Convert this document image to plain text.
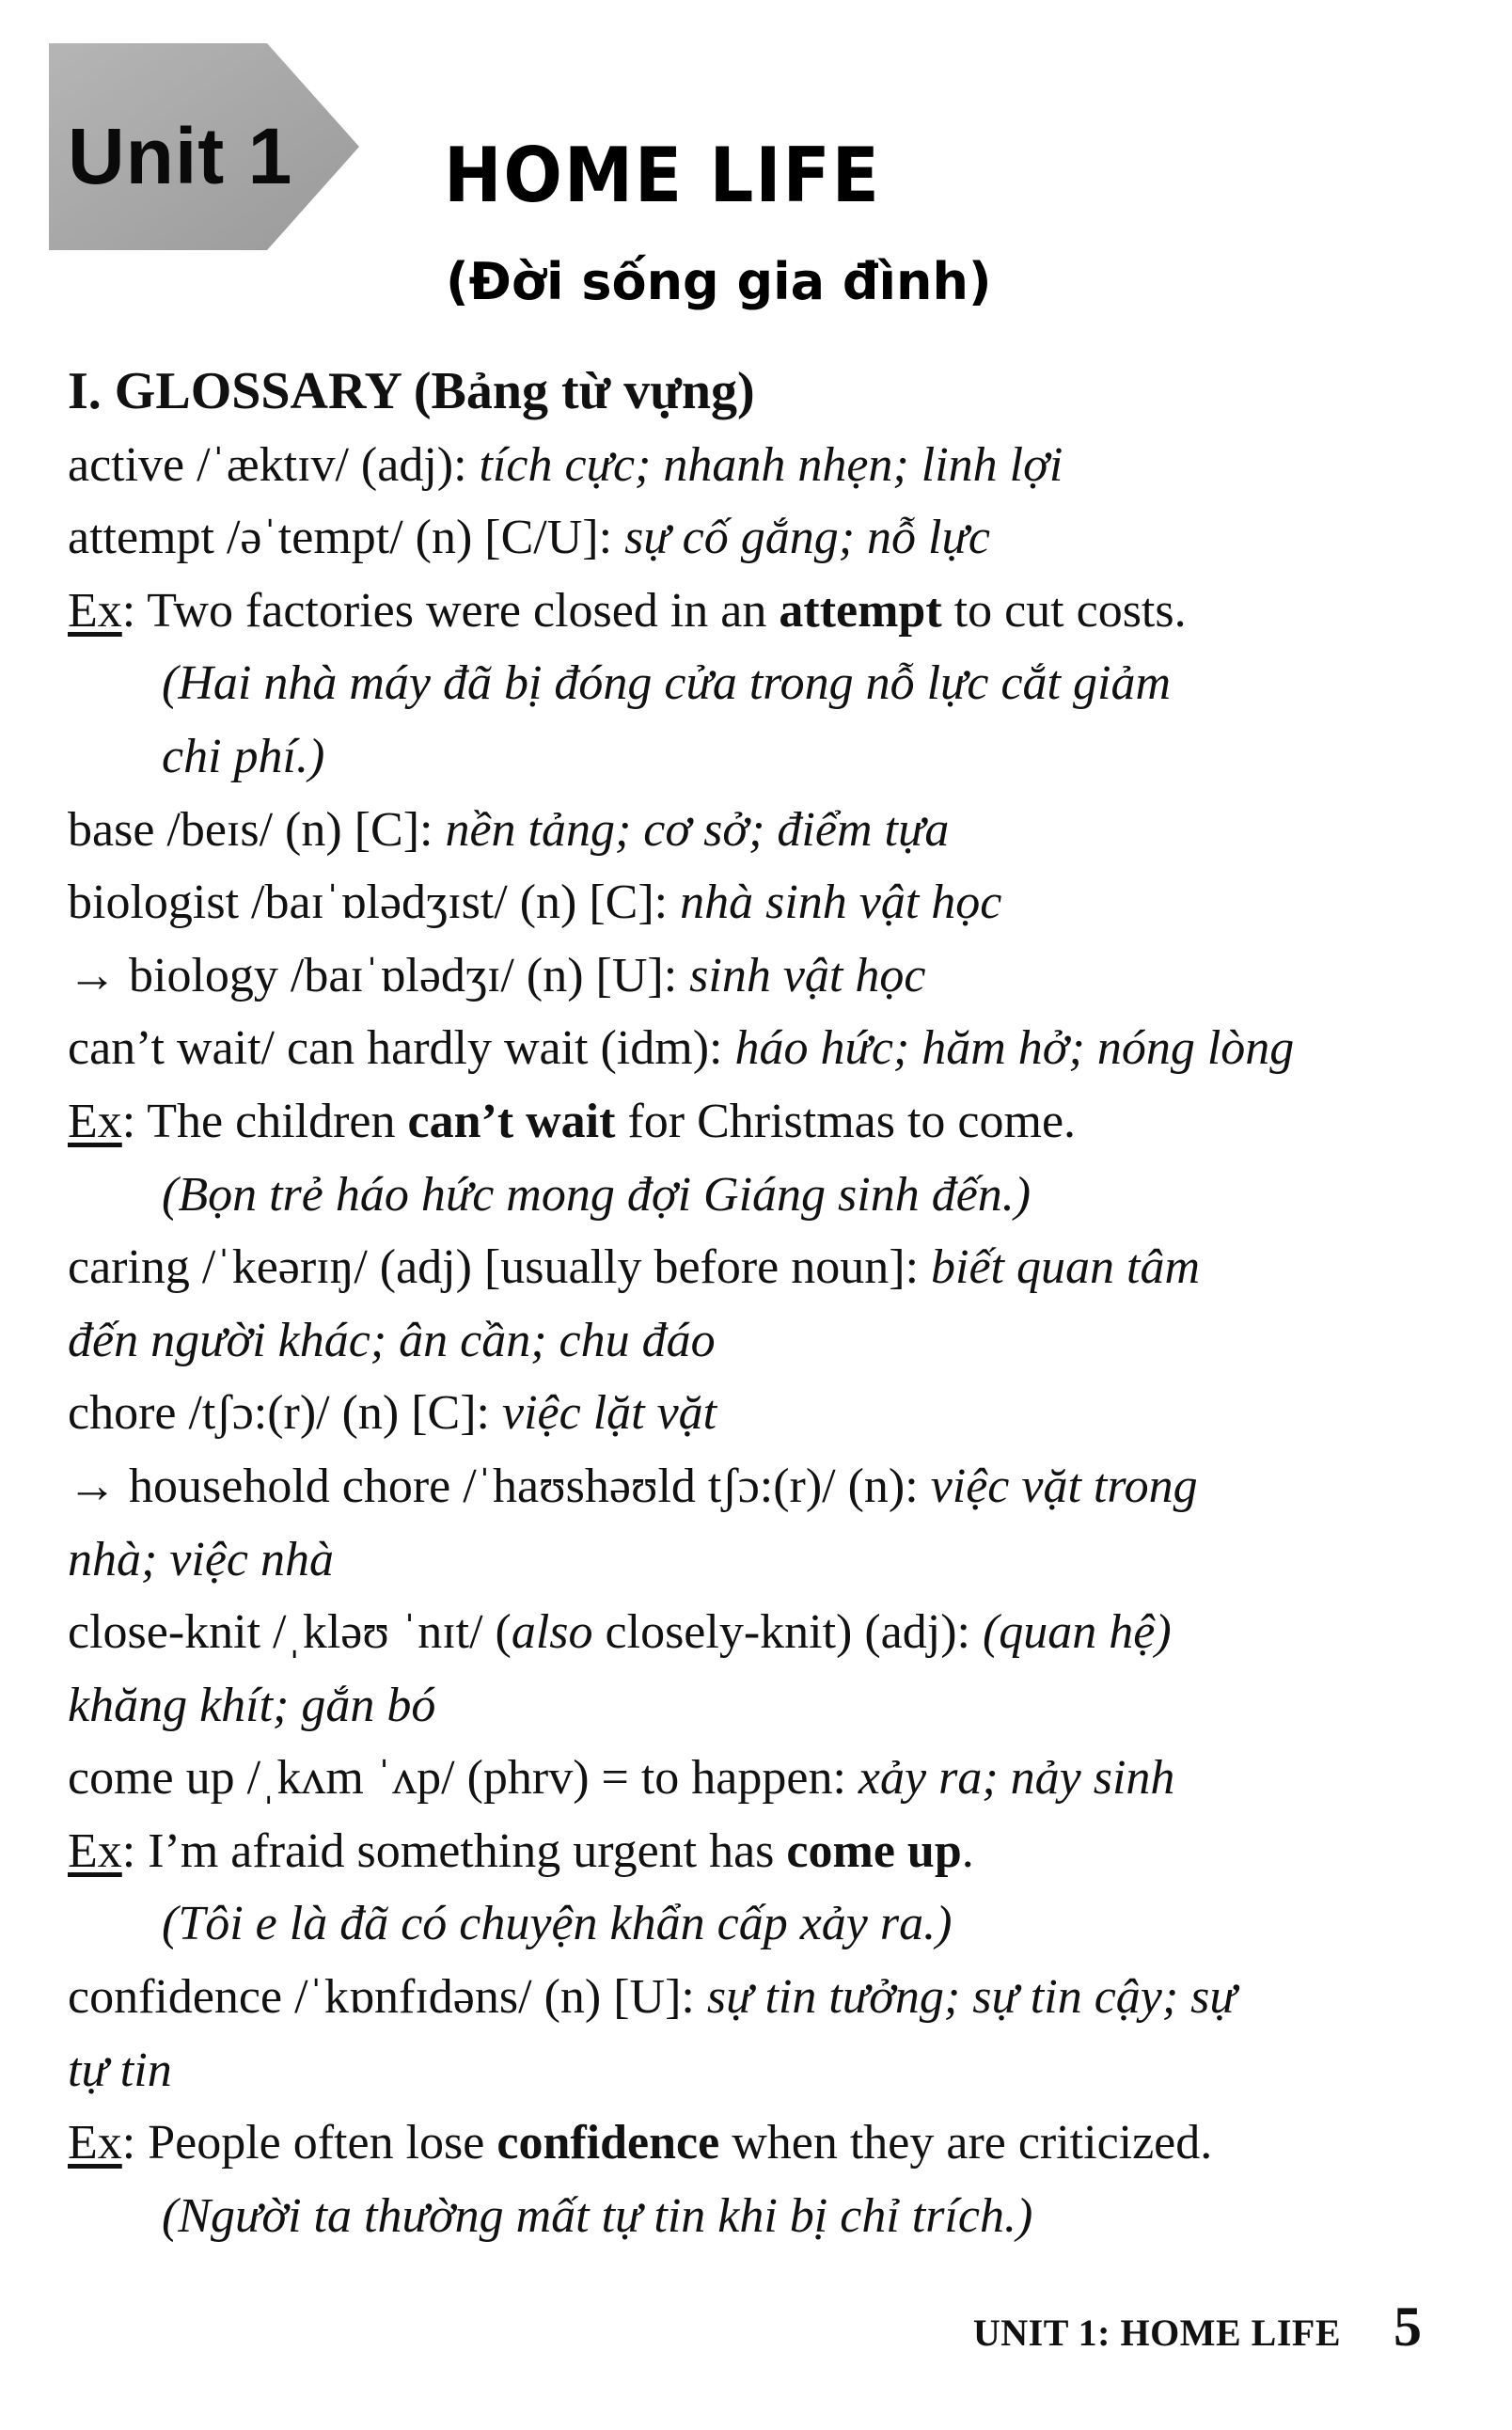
Unit 1 HOME LIFE
(Đời sống gia đình)
I. GLOSSARY (Bảng từ vựng)
active /ˈæktɪv/ (adj): tích cực; nhanh nhẹn; linh lợi
attempt /əˈtempt/ (n) [C/U]: sự cố gắng; nỗ lực
Ex: Two factories were closed in an attempt to cut costs.
(Hai nhà máy đã bị đóng cửa trong nỗ lực cắt giảm
chi phí.)
base /beɪs/ (n) [C]: nền tảng; cơ sở; điểm tựa
biologist /baɪˈɒlədʒɪst/ (n) [C]: nhà sinh vật học
→ biology /baɪˈɒlədʒɪ/ (n) [U]: sinh vật học
can’t wait/ can hardly wait (idm): háo hức; hăm hở; nóng lòng
Ex: The children can’t wait for Christmas to come.
(Bọn trẻ háo hức mong đợi Giáng sinh đến.)
caring /ˈkeərɪŋ/ (adj) [usually before noun]: biết quan tâm
đến người khác; ân cần; chu đáo
chore /tʃɔ:(r)/ (n) [C]: việc lặt vặt
→ household chore /ˈhaʊshəʊld tʃɔ:(r)/ (n): việc vặt trong
nhà; việc nhà
close-knit /ˌkləʊ ˈnɪt/ (also closely-knit) (adj): (quan hệ)
khăng khít; gắn bó
come up /ˌkʌm ˈʌp/ (phrv) = to happen: xảy ra; nảy sinh
Ex: I’m afraid something urgent has come up.
(Tôi e là đã có chuyện khẩn cấp xảy ra.)
confidence /ˈkɒnfɪdəns/ (n) [U]: sự tin tưởng; sự tin cậy; sự
tự tin
Ex: People often lose confidence when they are criticized.
(Người ta thường mất tự tin khi bị chỉ trích.)
UNIT 1: HOME LIFE 5
